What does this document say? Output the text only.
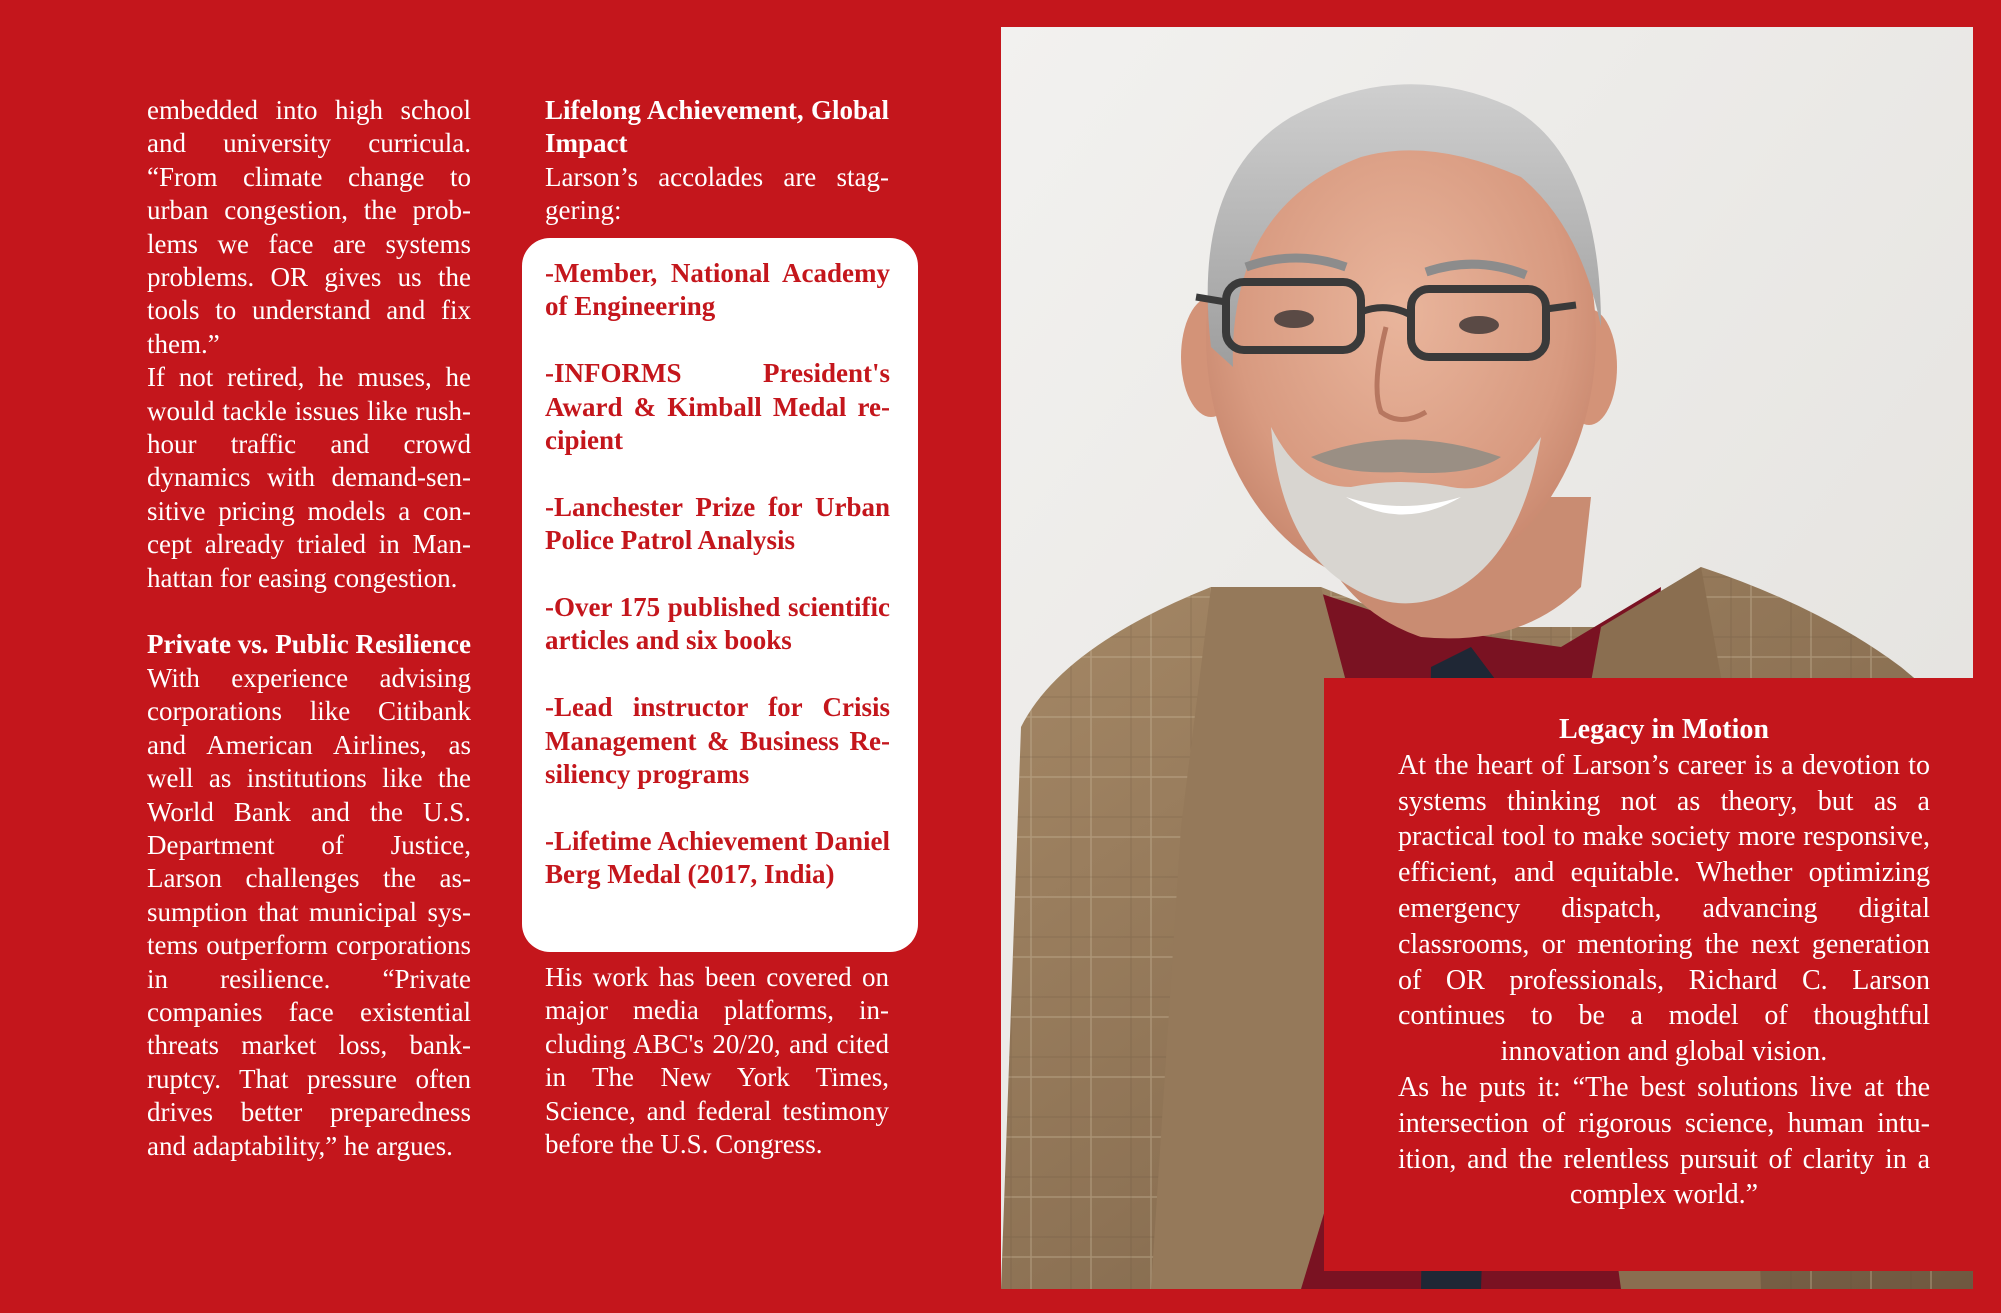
embedded into high school and university curricula. “From climate change to urban congestion, the problems we face are systems problems. OR gives us the tools to understand and fix them.”

If not retired, he muses, he would tackle issues like rush-hour traffic and crowd dynamics with demand-sensitive pricing models a concept already trialed in Manhattan for easing congestion.

Private vs. Public Resilience

With experience advising corporations like Citibank and American Airlines, as well as institutions like the World Bank and the U.S. Department of Justice, Larson challenges the assumption that municipal systems outperform corporations in resilience. “Private companies face existential threats market loss, bankruptcy. That pressure often drives better preparedness and adaptability,” he argues.

Lifelong Achievement, Global Impact

Larson’s accolades are staggering:

-Member, National Academy of Engineering

-INFORMS President's Award & Kimball Medal recipient

-Lanchester Prize for Urban Police Patrol Analysis

-Over 175 published scientific articles and six books

-Lead instructor for Crisis Management & Business Resiliency programs

-Lifetime Achievement Daniel Berg Medal (2017, India)

His work has been covered on major media platforms, including ABC's 20/20, and cited in The New York Times, Science, and federal testimony before the U.S. Congress.
Legacy in Motion

At the heart of Larson’s career is a devotion to systems thinking not as theory, but as a practical tool to make society more responsive, efficient, and equitable. Whether optimizing emergency dispatch, advancing digital classrooms, or mentoring the next generation of OR professionals, Richard C. Larson continues to be a model of thoughtful innovation and global vision.

As he puts it: “The best solutions live at the intersection of rigorous science, human intuition, and the relentless pursuit of clarity in a complex world.”
